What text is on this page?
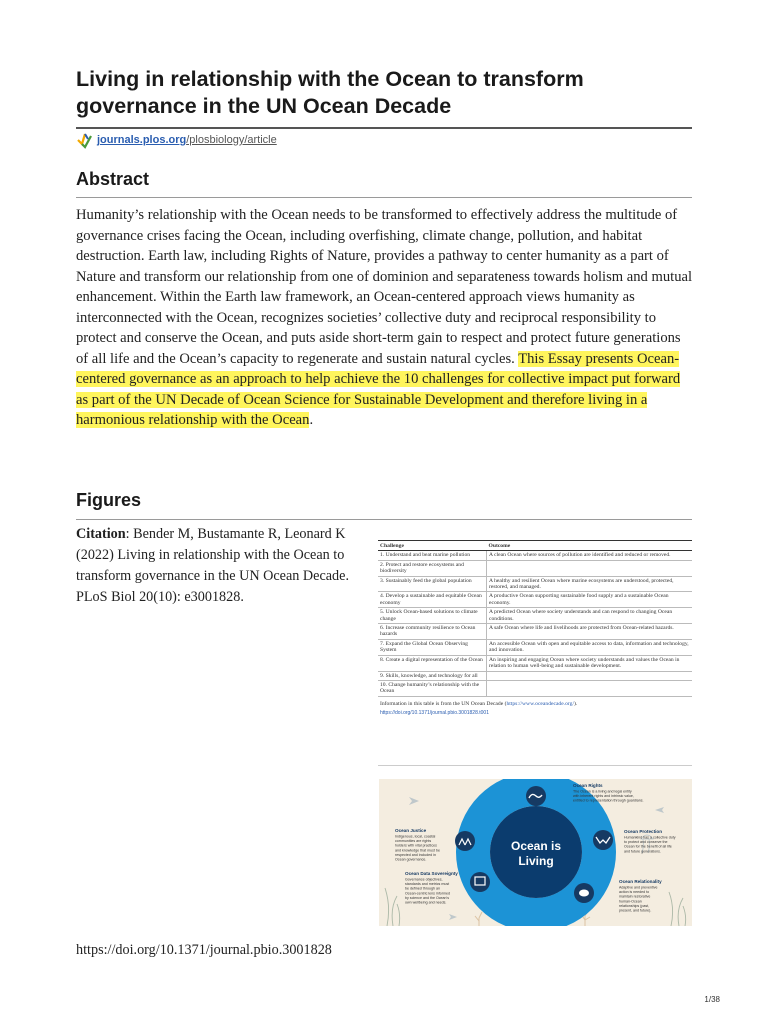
Living in relationship with the Ocean to transform governance in the UN Ocean Decade
journals.plos.org /plosbiology/article
Abstract

Humanity’s relationship with the Ocean needs to be transformed to effectively address the multitude of governance crises facing the Ocean, including overfishing, climate change, pollution, and habitat destruction. Earth law, including Rights of Nature, provides a pathway to center humanity as a part of Nature and transform our relationship from one of dominion and separateness towards holism and mutual enhancement. Within the Earth law framework, an Ocean-centered approach views humanity as interconnected with the Ocean, recognizes societies’ collective duty and reciprocal responsibility to protect and conserve the Ocean, and puts aside short-term gain to respect and protect future generations of all life and the Ocean’s capacity to regenerate and sustain natural cycles. This Essay presents Ocean-centered governance as an approach to help achieve the 10 challenges for collective impact put forward as part of the UN Decade of Ocean Science for Sustainable Development and therefore living in a harmonious relationship with the Ocean.

Figures

Citation: Bender M, Bustamante R, Leonard K (2022) Living in relationship with the Ocean to transform governance in the UN Ocean Decade. PLoS Biol 20(10): e3001828.

Challenge	Outcome
1. Understand and beat marine pollution	A clean Ocean where sources of pollution are identified and reduced or removed.
2. Protect and restore ecosystems and biodiversity	
3. Sustainably feed the global population	A healthy and resilient Ocean where marine ecosystems are understood, protected, restored, and managed.
4. Develop a sustainable and equitable Ocean economy	A productive Ocean supporting sustainable food supply and a sustainable Ocean economy.
5. Unlock Ocean-based solutions to climate change	A predicted Ocean where society understands and can respond to changing Ocean conditions.
6. Increase community resilience to Ocean hazards	A safe Ocean where life and livelihoods are protected from Ocean-related hazards.
7. Expand the Global Ocean Observing System	An accessible Ocean with open and equitable access to data, information and technology, and innovation.
8. Create a digital representation of the Ocean	An inspiring and engaging Ocean where society understands and values the Ocean in relation to human well-being and sustainable development.
9. Skills, knowledge, and technology for all	
10. Change humanity’s relationship with the Ocean	
Information in this table is from the UN Ocean Decade (https://www.oceandecade.org/).
https://doi.org/10.1371/journal.pbio.3001828.t001
Ocean is
Living
Ocean Rights
The Ocean is a living and legal entity
with inherent rights and intrinsic value,
entitled to representation through guardians.
Ocean Protection
Humankind has a collective duty
to protect and conserve the
Ocean for the benefit of all life
and future generations.
Ocean Relationality
Adaptive and preventive
action is needed to
maintain restorative
human-Ocean
relationships (past,
present, and future).
Ocean Data Sovereignty
Governance objectives,
standards and metrics must
be defined through an
Ocean-centric lens informed
by science and the Ocean's
own wellbeing and needs.
Ocean Justice
Indigenous, local, coastal
communities are rights
holders with vital practices
and knowledge that must be
respected and included in
Ocean governance.

https://doi.org/10.1371/journal.pbio.3001828

1/38
